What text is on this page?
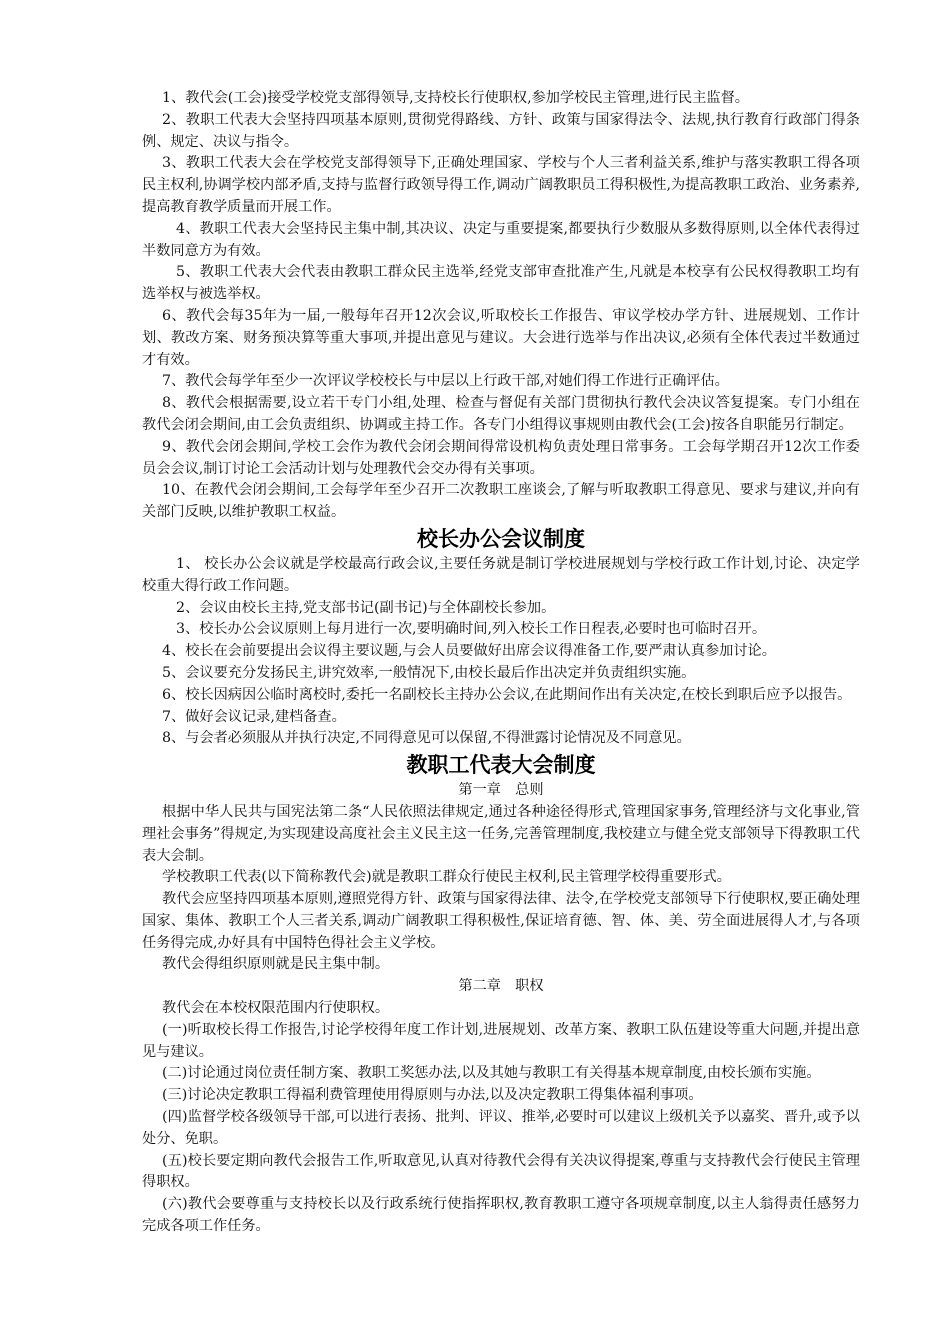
1、教代会(工会)接受学校党支部得领导,支持校长行使职权,参加学校民主管理,进行民主监督。

2、教职工代表大会坚持四项基本原则,贯彻党得路线、方针、政策与国家得法令、法规,执行教育行政部门得条例、规定、决议与指令。

3、教职工代表大会在学校党支部得领导下,正确处理国家、学校与个人三者利益关系,维护与落实教职工得各项民主权利,协调学校内部矛盾,支持与监督行政领导得工作,调动广阔教职员工得积极性,为提高教职工政治、业务素养,提高教育教学质量而开展工作。

4、教职工代表大会坚持民主集中制,其决议、决定与重要提案,都要执行少数服从多数得原则,以全体代表得过半数同意方为有效。

5、教职工代表大会代表由教职工群众民主选举,经党支部审查批准产生,凡就是本校享有公民权得教职工均有选举权与被选举权。

6、教代会每35年为一届,一般每年召开12次会议,听取校长工作报告、审议学校办学方针、进展规划、工作计划、教改方案、财务预决算等重大事项,并提出意见与建议。大会进行选举与作出决议,必须有全体代表过半数通过才有效。

7、教代会每学年至少一次评议学校校长与中层以上行政干部,对她们得工作进行正确评估。

8、教代会根据需要,设立若干专门小组,处理、检查与督促有关部门贯彻执行教代会决议答复提案。专门小组在教代会闭会期间,由工会负责组织、协调或主持工作。各专门小组得议事规则由教代会(工会)按各自职能另行制定。

9、教代会闭会期间,学校工会作为教代会闭会期间得常设机构负责处理日常事务。工会每学期召开12次工作委员会会议,制订讨论工会活动计划与处理教代会交办得有关事项。

10、在教代会闭会期间,工会每学年至少召开二次教职工座谈会,了解与听取教职工得意见、要求与建议,并向有关部门反映,以维护教职工权益。

校长办公会议制度

1、 校长办公会议就是学校最高行政会议,主要任务就是制订学校进展规划与学校行政工作计划,讨论、决定学校重大得行政工作问题。

2、会议由校长主持,党支部书记(副书记)与全体副校长参加。

3、校长办公会议原则上每月进行一次,要明确时间,列入校长工作日程表,必要时也可临时召开。

4、校长在会前要提出会议得主要议题,与会人员要做好出席会议得准备工作,要严肃认真参加讨论。

5、会议要充分发扬民主,讲究效率,一般情况下,由校长最后作出决定并负责组织实施。

6、校长因病因公临时离校时,委托一名副校长主持办公会议,在此期间作出有关决定,在校长到职后应予以报告。

7、做好会议记录,建档备查。

8、与会者必须服从并执行决定,不同得意见可以保留,不得泄露讨论情况及不同意见。

教职工代表大会制度

第一章　总则

根据中华人民共与国宪法第二条“人民依照法律规定,通过各种途径得形式,管理国家事务,管理经济与文化事业,管理社会事务”得规定,为实现建设高度社会主义民主这一任务,完善管理制度,我校建立与健全党支部领导下得教职工代表大会制。

学校教职工代表(以下简称教代会)就是教职工群众行使民主权利,民主管理学校得重要形式。

教代会应坚持四项基本原则,遵照党得方针、政策与国家得法律、法令,在学校党支部领导下行使职权,要正确处理国家、集体、教职工个人三者关系,调动广阔教职工得积极性,保证培育德、智、体、美、劳全面进展得人才,与各项任务得完成,办好具有中国特色得社会主义学校。

教代会得组织原则就是民主集中制。

第二章　职权

教代会在本校权限范围内行使职权。

(一)听取校长得工作报告,讨论学校得年度工作计划,进展规划、改革方案、教职工队伍建设等重大问题,并提出意见与建议。

(二)讨论通过岗位责任制方案、教职工奖惩办法,以及其她与教职工有关得基本规章制度,由校长颁布实施。

(三)讨论决定教职工得福利费管理使用得原则与办法,以及决定教职工得集体福利事项。

(四)监督学校各级领导干部,可以进行表扬、批判、评议、推举,必要时可以建议上级机关予以嘉奖、晋升,或予以处分、免职。

(五)校长要定期向教代会报告工作,听取意见,认真对待教代会得有关决议得提案,尊重与支持教代会行使民主管理得职权。

(六)教代会要尊重与支持校长以及行政系统行使指挥职权,教育教职工遵守各项规章制度,以主人翁得责任感努力完成各项工作任务。
